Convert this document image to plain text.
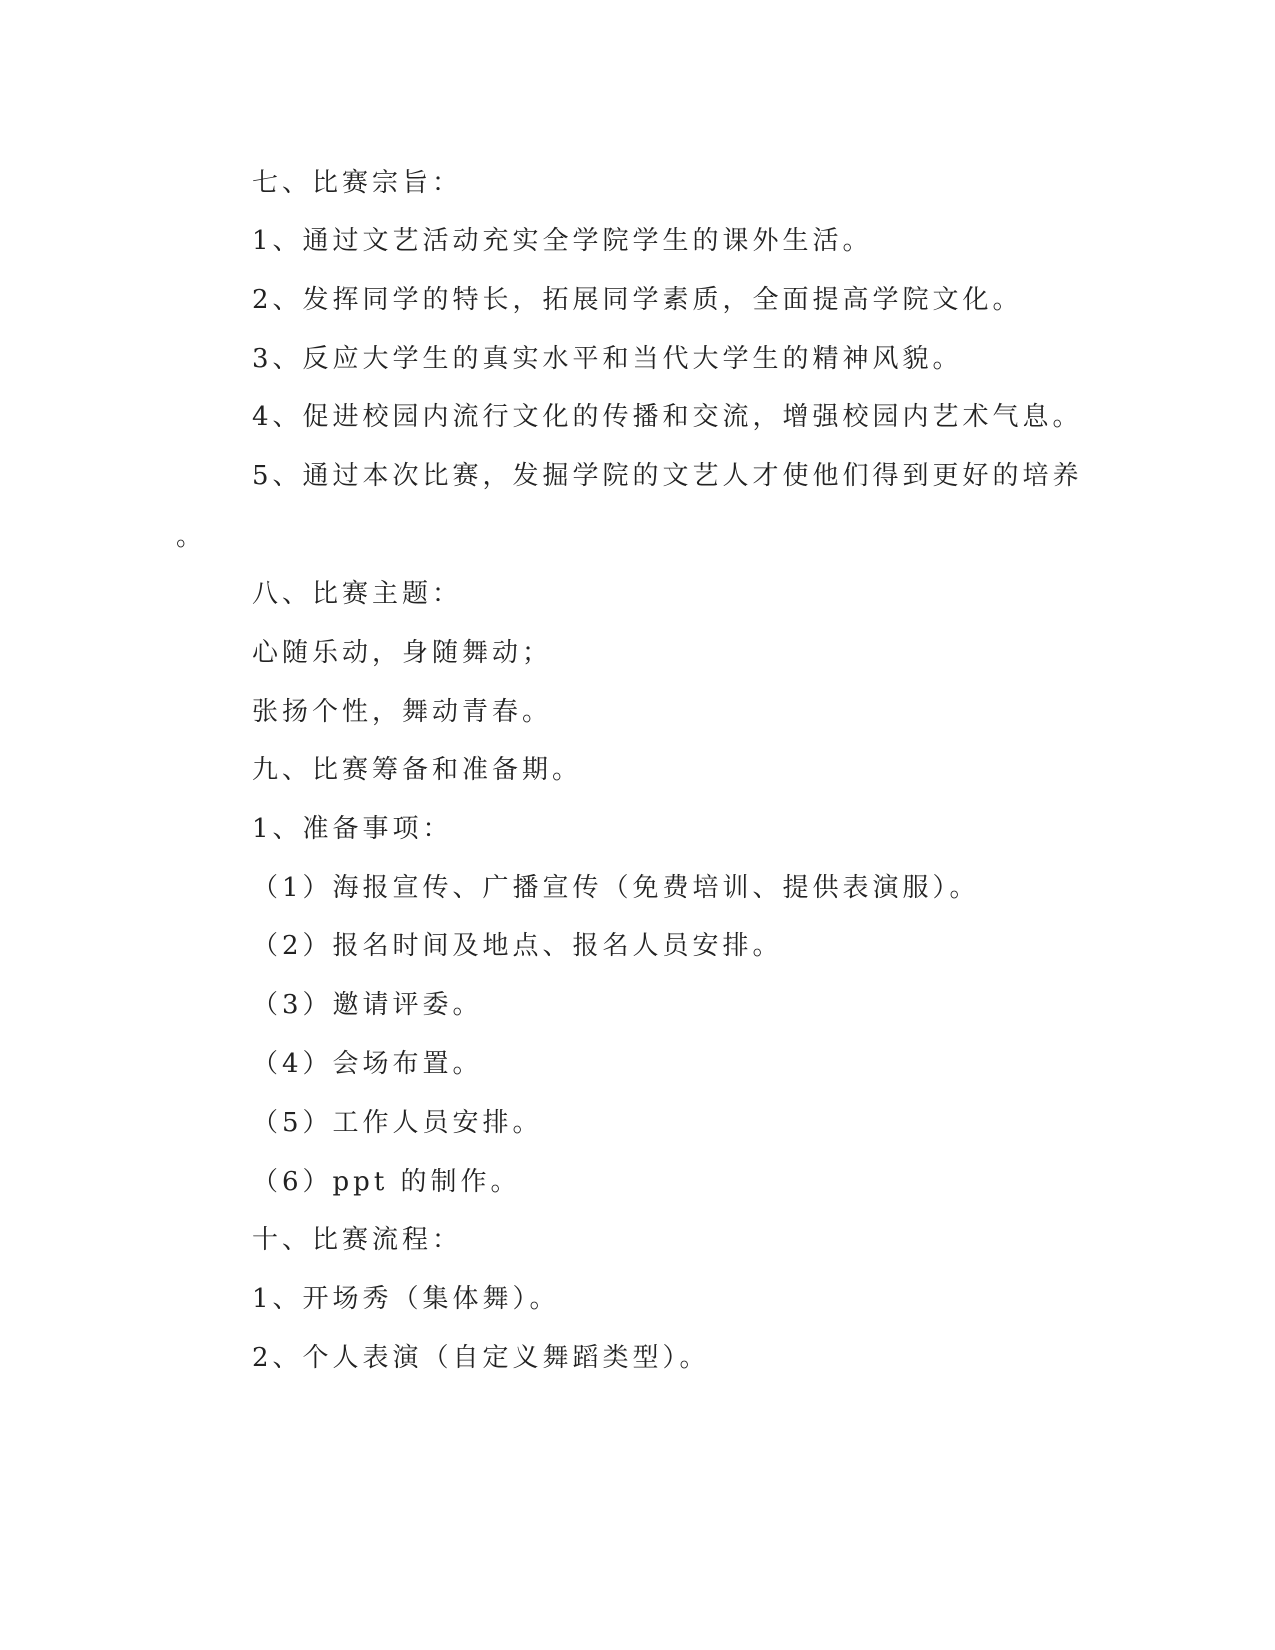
七、比赛宗旨：
1、通过文艺活动充实全学院学生的课外生活。
2、发挥同学的特长，拓展同学素质，全面提高学院文化。
3、反应大学生的真实水平和当代大学生的精神风貌。
4、促进校园内流行文化的传播和交流，增强校园内艺术气息。
5、通过本次比赛，发掘学院的文艺人才使他们得到更好的培养
。
八、比赛主题：
心随乐动，身随舞动；
张扬个性，舞动青春。
九、比赛筹备和准备期。
1、准备事项：
（1）海报宣传、广播宣传（免费培训、提供表演服）。
（2）报名时间及地点、报名人员安排。
（3）邀请评委。
（4）会场布置。
（5）工作人员安排。
（6）ppt 的制作。
十、比赛流程：
1、开场秀（集体舞）。
2、个人表演（自定义舞蹈类型）。
